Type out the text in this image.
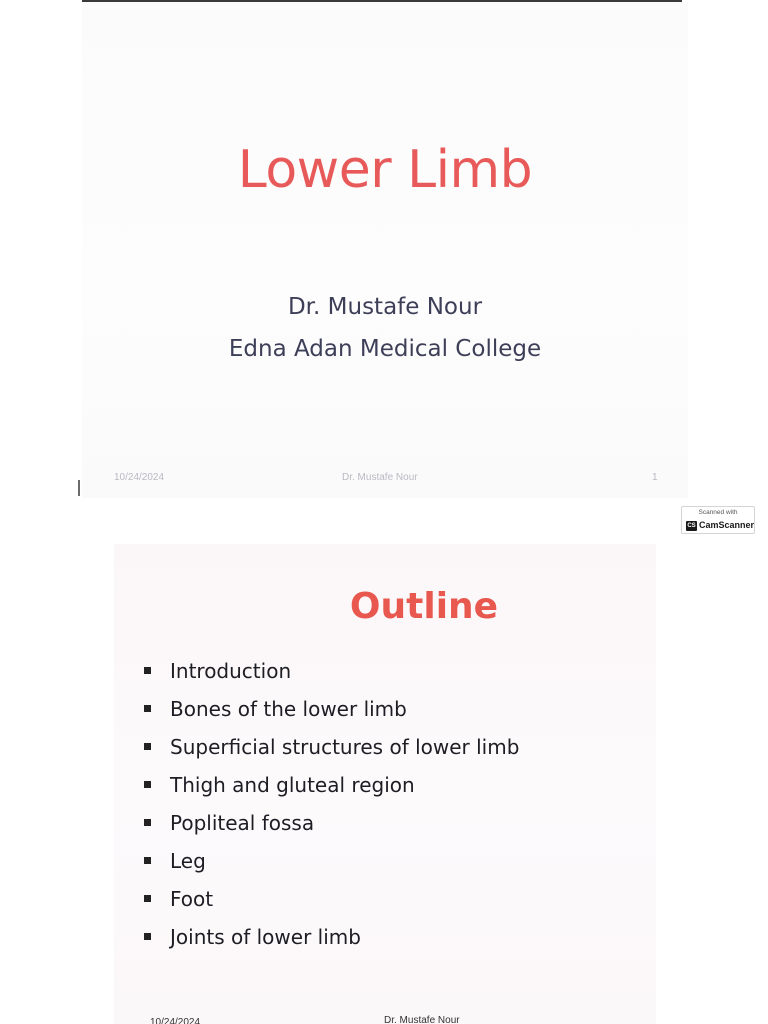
Lower Limb
Dr. Mustafe Nour
Edna Adan Medical College
10/24/2024	Dr. Mustafe Nour	1
Scanned with
CS CamScanner
Outline
Introduction
Bones of the lower limb
Superficial structures of lower limb
Thigh and gluteal region
Popliteal fossa
Leg
Foot
Joints of lower limb
10/24/2024	Dr. Mustafe Nour
